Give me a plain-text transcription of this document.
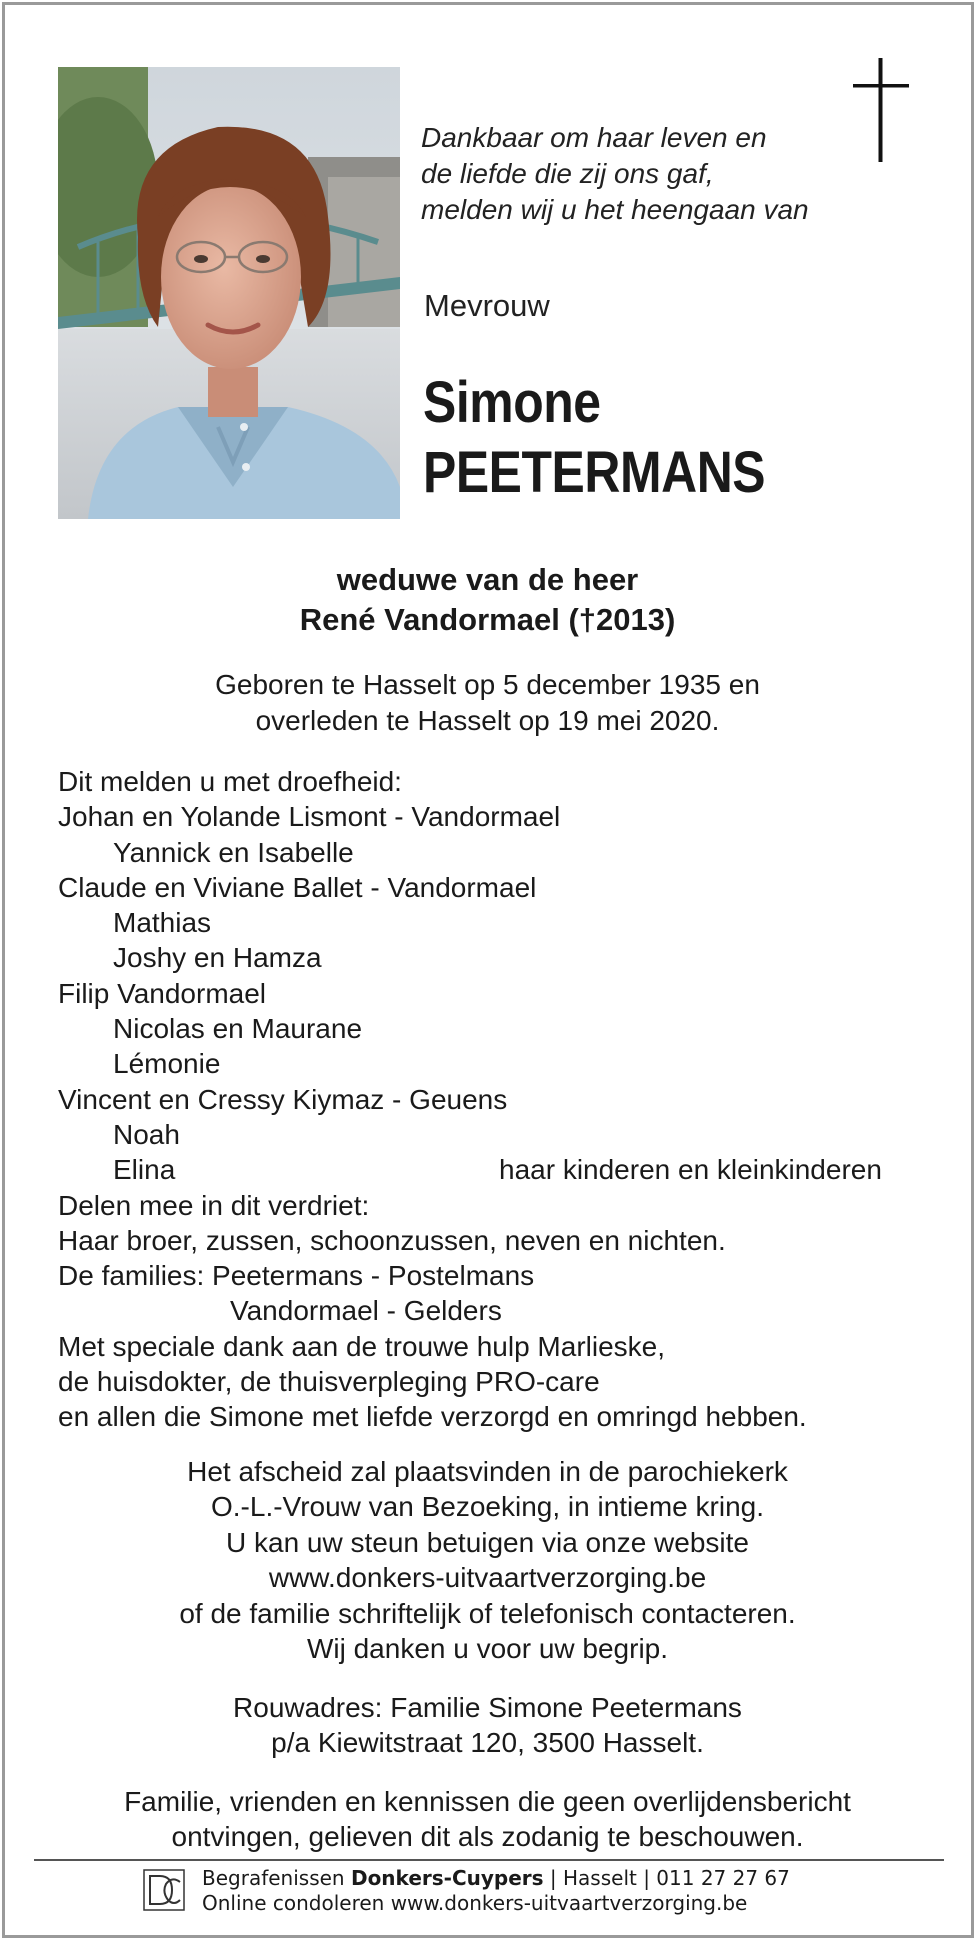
Dankbaar om haar leven en
de liefde die zij ons gaf,
melden wij u het heengaan van
Mevrouw
Simone
PEETERMANS
weduwe van de heer
René Vandormael (†2013)
Geboren te Hasselt op 5 december 1935 en
overleden te Hasselt op 19 mei 2020.
Dit melden u met droefheid:
Johan en Yolande Lismont - Vandormael
Yannick en Isabelle
Claude en Viviane Ballet - Vandormael
Mathias
Joshy en Hamza
Filip Vandormael
Nicolas en Maurane
Lémonie
Vincent en Cressy Kiymaz - Geuens
Noah
Elina	haar kinderen en kleinkinderen
Delen mee in dit verdriet:
Haar broer, zussen, schoonzussen, neven en nichten.
De families: Peetermans - Postelmans
Vandormael - Gelders
Met speciale dank aan de trouwe hulp Marlieske,
de huisdokter, de thuisverpleging PRO-care
en allen die Simone met liefde verzorgd en omringd hebben.
Het afscheid zal plaatsvinden in de parochiekerk
O.-L.-Vrouw van Bezoeking, in intieme kring.
U kan uw steun betuigen via onze website
www.donkers-uitvaartverzorging.be
of de familie schriftelijk of telefonisch contacteren.
Wij danken u voor uw begrip.
Rouwadres: Familie Simone Peetermans
p/a Kiewitstraat 120, 3500 Hasselt.
Familie, vrienden en kennissen die geen overlijdensbericht
ontvingen, gelieven dit als zodanig te beschouwen.
Begrafenissen Donkers-Cuypers | Hasselt | 011 27 27 67
Online condoleren www.donkers-uitvaartverzorging.be
